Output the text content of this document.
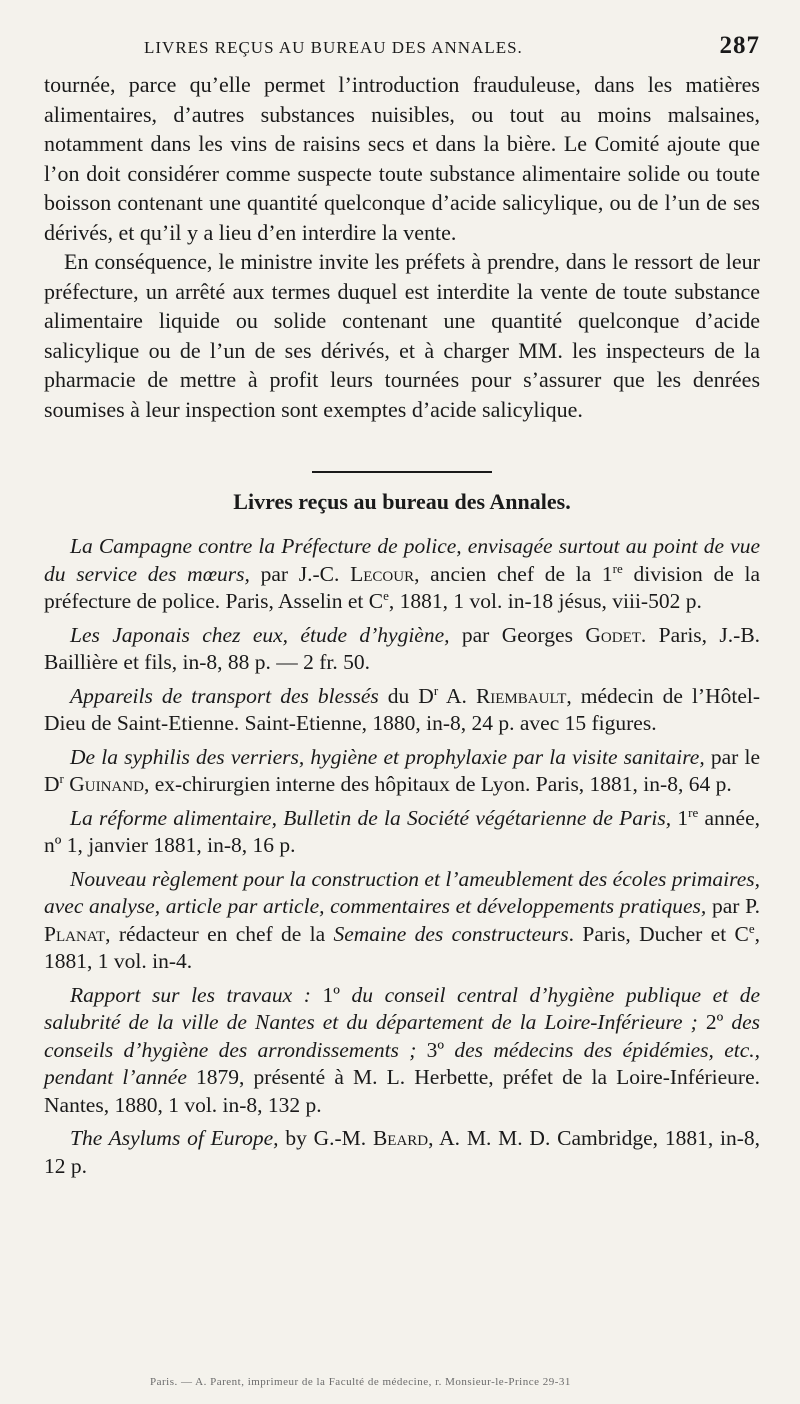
LIVRES REÇUS AU BUREAU DES ANNALES.	287

tournée, parce qu’elle permet l’introduction frauduleuse, dans les matières alimentaires, d’autres substances nuisibles, ou tout au moins malsaines, notamment dans les vins de raisins secs et dans la bière. Le Comité ajoute que l’on doit considérer comme suspecte toute substance alimentaire solide ou toute boisson contenant une quantité quelconque d’acide salicylique, ou de l’un de ses dérivés, et qu’il y a lieu d’en interdire la vente.

En conséquence, le ministre invite les préfets à prendre, dans le ressort de leur préfecture, un arrêté aux termes duquel est interdite la vente de toute substance alimentaire liquide ou solide contenant une quantité quelconque d’acide salicylique ou de l’un de ses dérivés, et à charger MM. les inspecteurs de la pharmacie de mettre à profit leurs tournées pour s’assurer que les denrées soumises à leur inspection sont exemptes d’acide salicylique.

Livres reçus au bureau des Annales.

La Campagne contre la Préfecture de police, envisagée surtout au point de vue du service des mœurs, par J.-C. Lecour, ancien chef de la 1re division de la préfecture de police. Paris, Asselin et Ce, 1881, 1 vol. in-18 jésus, viii-502 p.

Les Japonais chez eux, étude d’hygiène, par Georges Godet. Paris, J.-B. Baillière et fils, in-8, 88 p. — 2 fr. 50.

Appareils de transport des blessés du $D^r$ A. Riembault, médecin de l’Hôtel-Dieu de Saint-Etienne. Saint-Etienne, 1880, in-8, 24 p. avec 15 figures.

De la syphilis des verriers, hygiène et prophylaxie par la visite sanitaire, par le $D^r$ Guinand, ex-chirurgien interne des hôpitaux de Lyon. Paris, 1881, in-8, 64 p.

La réforme alimentaire, Bulletin de la Société végétarienne de Paris, 1re année, nº 1, janvier 1881, in-8, 16 p.

Nouveau règlement pour la construction et l’ameublement des écoles primaires, avec analyse, article par article, commentaires et développements pratiques, par P. Planat, rédacteur en chef de la Semaine des constructeurs. Paris, Ducher et Ce, 1881, 1 vol. in-4.

Rapport sur les travaux : 1º du conseil central d’hygiène publique et de salubrité de la ville de Nantes et du département de la Loire-Inférieure ; 2º des conseils d’hygiène des arrondissements ; 3º des médecins des épidémies, etc., pendant l’année 1879, présenté à M. L. Herbette, préfet de la Loire-Inférieure. Nantes, 1880, 1 vol. in-8, 132 p.

The Asylums of Europe, by G.-M. Beard, A. M. M. D. Cambridge, 1881, in-8, 12 p.

Paris. — A. Parent, imprimeur de la Faculté de médecine, r. Monsieur-le-Prince 29-31
